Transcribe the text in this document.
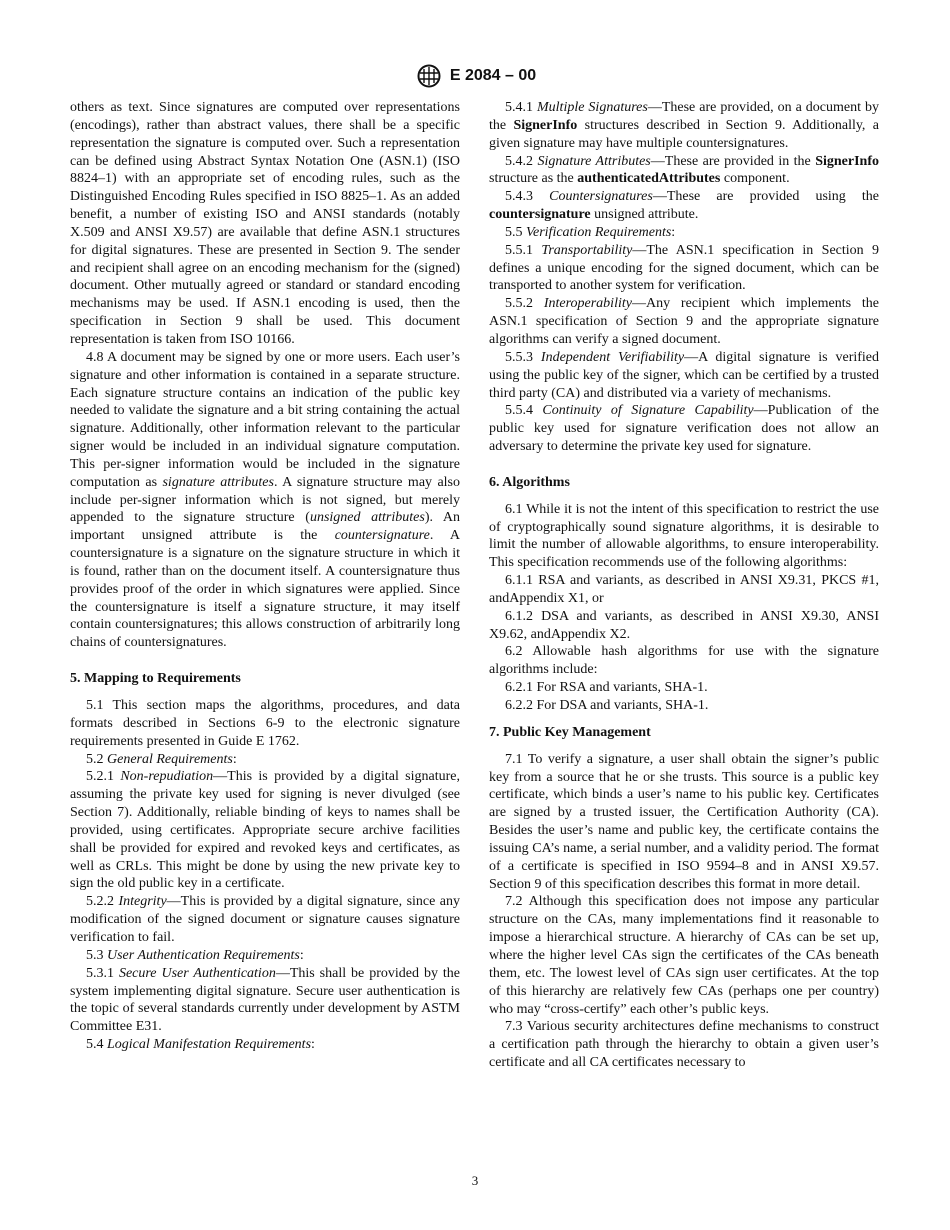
E 2084 – 00

others as text. Since signatures are computed over representations (encodings), rather than abstract values, there shall be a specific representation the signature is computed over. Such a representation can be defined using Abstract Syntax Notation One (ASN.1) (ISO 8824–1) with an appropriate set of encoding rules, such as the Distinguished Encoding Rules specified in ISO 8825–1. As an added benefit, a number of existing ISO and ANSI standards (notably X.509 and ANSI X9.57) are available that define ASN.1 structures for digital signatures. These are presented in Section 9. The sender and recipient shall agree on an encoding mechanism for the (signed) document. Other mutually agreed or standard or standard encoding mechanisms may be used. If ASN.1 encoding is used, then the specification in Section 9 shall be used. This document representation is taken from ISO 10166.

4.8 A document may be signed by one or more users. Each user’s signature and other information is contained in a separate structure. Each signature structure contains an indication of the public key needed to validate the signature and a bit string containing the actual signature. Additionally, other information relevant to the particular signer would be included in an individual signature computation. This per-signer information would be included in the signature computation as signature attributes. A signature structure may also include per-signer information which is not signed, but merely appended to the signature structure (unsigned attributes). An important unsigned attribute is the countersignature. A countersignature is a signature on the signature structure in which it is found, rather than on the document itself. A countersignature thus provides proof of the order in which signatures were applied. Since the countersignature is itself a signature structure, it may itself contain countersignatures; this allows construction of arbitrarily long chains of countersignatures.

5. Mapping to Requirements

5.1 This section maps the algorithms, procedures, and data formats described in Sections 6-9 to the electronic signature requirements presented in Guide E 1762.

5.2 General Requirements:

5.2.1 Non-repudiation—This is provided by a digital signature, assuming the private key used for signing is never divulged (see Section 7). Additionally, reliable binding of keys to names shall be provided, using certificates. Appropriate secure archive facilities shall be provided for expired and revoked keys and certificates, as well as CRLs. This might be done by using the new private key to sign the old public key in a certificate.

5.2.2 Integrity—This is provided by a digital signature, since any modification of the signed document or signature causes signature verification to fail.

5.3 User Authentication Requirements:

5.3.1 Secure User Authentication—This shall be provided by the system implementing digital signature. Secure user authentication is the topic of several standards currently under development by ASTM Committee E31.

5.4 Logical Manifestation Requirements:

5.4.1 Multiple Signatures—These are provided, on a document by the SignerInfo structures described in Section 9. Additionally, a given signature may have multiple countersignatures.

5.4.2 Signature Attributes—These are provided in the SignerInfo structure as the authenticatedAttributes component.

5.4.3 Countersignatures—These are provided using the countersignature unsigned attribute.

5.5 Verification Requirements:

5.5.1 Transportability—The ASN.1 specification in Section 9 defines a unique encoding for the signed document, which can be transported to another system for verification.

5.5.2 Interoperability—Any recipient which implements the ASN.1 specification of Section 9 and the appropriate signature algorithms can verify a signed document.

5.5.3 Independent Verifiability—A digital signature is verified using the public key of the signer, which can be certified by a trusted third party (CA) and distributed via a variety of mechanisms.

5.5.4 Continuity of Signature Capability—Publication of the public key used for signature verification does not allow an adversary to determine the private key used for signature.

6. Algorithms

6.1 While it is not the intent of this specification to restrict the use of cryptographically sound signature algorithms, it is desirable to limit the number of allowable algorithms, to ensure interoperability. This specification recommends use of the following algorithms:

6.1.1 RSA and variants, as described in ANSI X9.31, PKCS #1, andAppendix X1, or

6.1.2 DSA and variants, as described in ANSI X9.30, ANSI X9.62, andAppendix X2.

6.2 Allowable hash algorithms for use with the signature algorithms include:

6.2.1 For RSA and variants, SHA-1.

6.2.2 For DSA and variants, SHA-1.

7. Public Key Management

7.1 To verify a signature, a user shall obtain the signer’s public key from a source that he or she trusts. This source is a public key certificate, which binds a user’s name to his public key. Certificates are signed by a trusted issuer, the Certification Authority (CA). Besides the user’s name and public key, the certificate contains the issuing CA’s name, a serial number, and a validity period. The format of a certificate is specified in ISO 9594–8 and in ANSI X9.57. Section 9 of this specification describes this format in more detail.

7.2 Although this specification does not impose any particular structure on the CAs, many implementations find it reasonable to impose a hierarchical structure. A hierarchy of CAs can be set up, where the higher level CAs sign the certificates of the CAs beneath them, etc. The lowest level of CAs sign user certificates. At the top of this hierarchy are relatively few CAs (perhaps one per country) who may “cross-certify” each other’s public keys.

7.3 Various security architectures define mechanisms to construct a certification path through the hierarchy to obtain a given user’s certificate and all CA certificates necessary to

3
